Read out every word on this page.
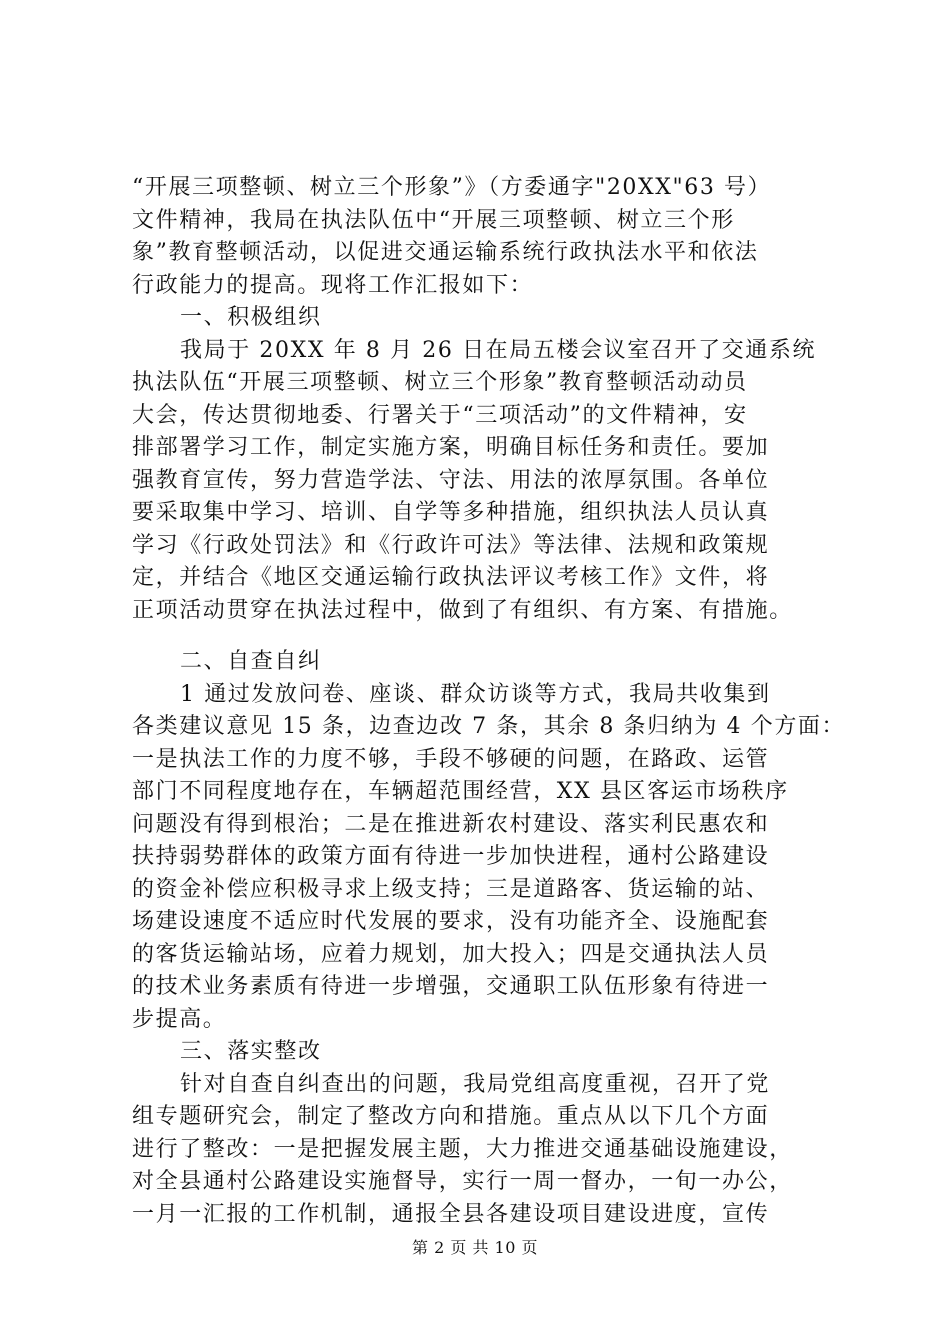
“开展三项整顿、树立三个形象”》（方委通字"20XX"63 号）
文件精神，我局在执法队伍中“开展三项整顿、树立三个形
象”教育整顿活动，以促进交通运输系统行政执法水平和依法
行政能力的提高。现将工作汇报如下：
一、积极组织
我局于 20XX 年 8 月 26 日在局五楼会议室召开了交通系统
执法队伍“开展三项整顿、树立三个形象”教育整顿活动动员
大会，传达贯彻地委、行署关于“三项活动”的文件精神，安
排部署学习工作，制定实施方案，明确目标任务和责任。要加
强教育宣传，努力营造学法、守法、用法的浓厚氛围。各单位
要采取集中学习、培训、自学等多种措施，组织执法人员认真
学习《行政处罚法》和《行政许可法》等法律、法规和政策规
定，并结合《地区交通运输行政执法评议考核工作》文件，将
正项活动贯穿在执法过程中，做到了有组织、有方案、有措施。
二、自查自纠
1 通过发放问卷、座谈、群众访谈等方式，我局共收集到
各类建议意见 15 条，边查边改 7 条，其余 8 条归纳为 4 个方面：
一是执法工作的力度不够，手段不够硬的问题，在路政、运管
部门不同程度地存在，车辆超范围经营，XX 县区客运市场秩序
问题没有得到根治；二是在推进新农村建设、落实利民惠农和
扶持弱势群体的政策方面有待进一步加快进程，通村公路建设
的资金补偿应积极寻求上级支持；三是道路客、货运输的站、
场建设速度不适应时代发展的要求，没有功能齐全、设施配套
的客货运输站场，应着力规划，加大投入；四是交通执法人员
的技术业务素质有待进一步增强，交通职工队伍形象有待进一
步提高。
三、落实整改
针对自查自纠查出的问题，我局党组高度重视，召开了党
组专题研究会，制定了整改方向和措施。重点从以下几个方面
进行了整改：一是把握发展主题，大力推进交通基础设施建设，
对全县通村公路建设实施督导，实行一周一督办，一旬一办公，
一月一汇报的工作机制，通报全县各建设项目建设进度，宣传
第 2 页 共 10 页
